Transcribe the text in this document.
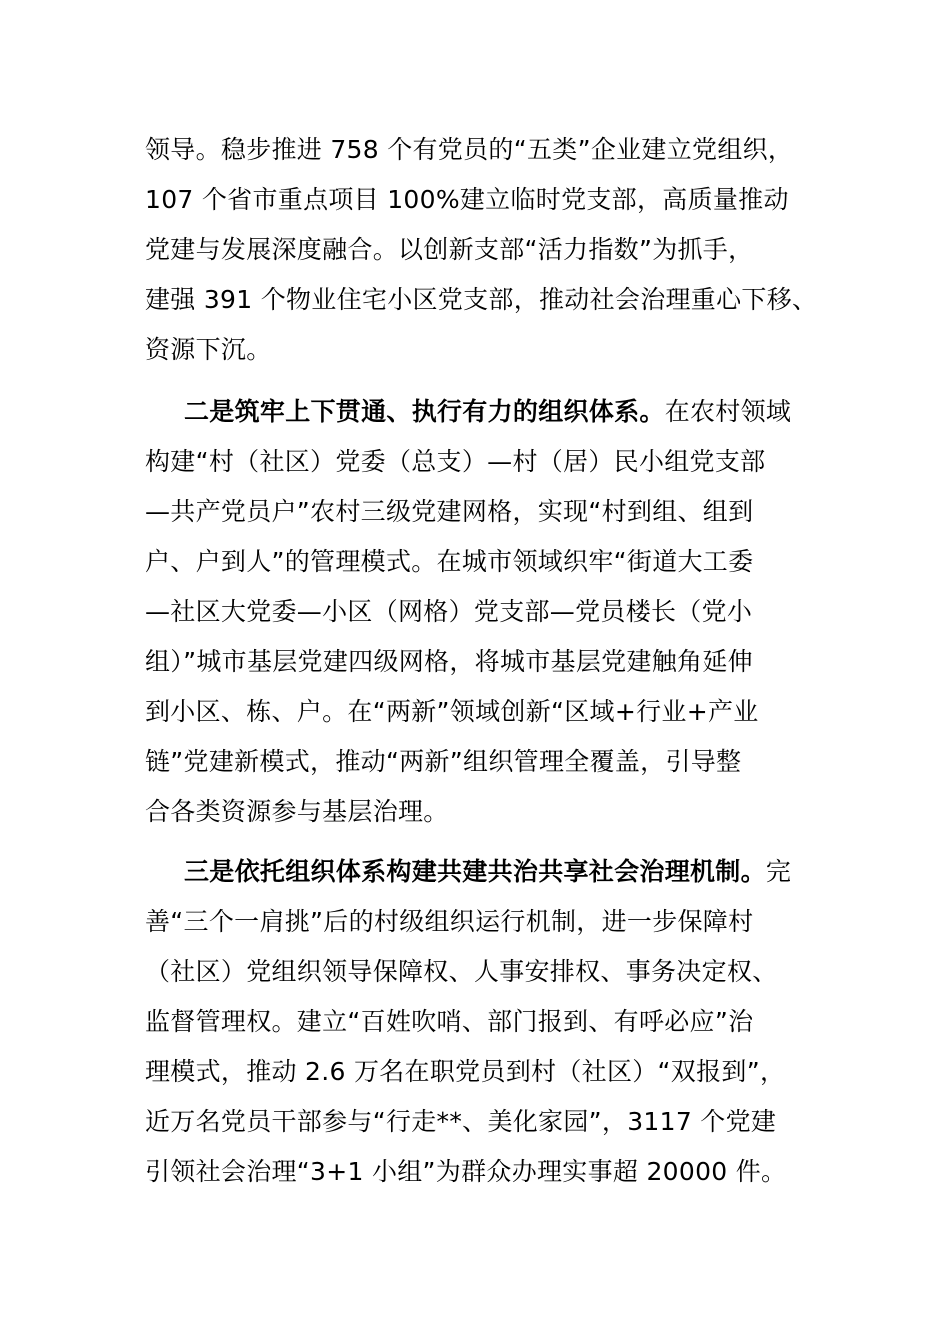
领导。稳步推进 758 个有党员的“五类”企业建立党组织，
107 个省市重点项目 100%建立临时党支部，高质量推动
党建与发展深度融合。以创新支部“活力指数”为抓手，
建强 391 个物业住宅小区党支部，推动社会治理重心下移、
资源下沉。
二是筑牢上下贯通、执行有力的组织体系。在农村领域
构建“村（社区）党委（总支）—村（居）民小组党支部
—共产党员户”农村三级党建网格，实现“村到组、组到
户、户到人”的管理模式。在城市领域织牢“街道大工委
—社区大党委—小区（网格）党支部—党员楼长（党小
组）”城市基层党建四级网格，将城市基层党建触角延伸
到小区、栋、户。在“两新”领域创新“区域+行业+产业
链”党建新模式，推动“两新”组织管理全覆盖，引导整
合各类资源参与基层治理。
三是依托组织体系构建共建共治共享社会治理机制。完
善“三个一肩挑”后的村级组织运行机制，进一步保障村
（社区）党组织领导保障权、人事安排权、事务决定权、
监督管理权。建立“百姓吹哨、部门报到、有呼必应”治
理模式，推动 2.6 万名在职党员到村（社区）“双报到”，
近万名党员干部参与“行走**、美化家园”，3117 个党建
引领社会治理“3+1 小组”为群众办理实事超 20000 件。
